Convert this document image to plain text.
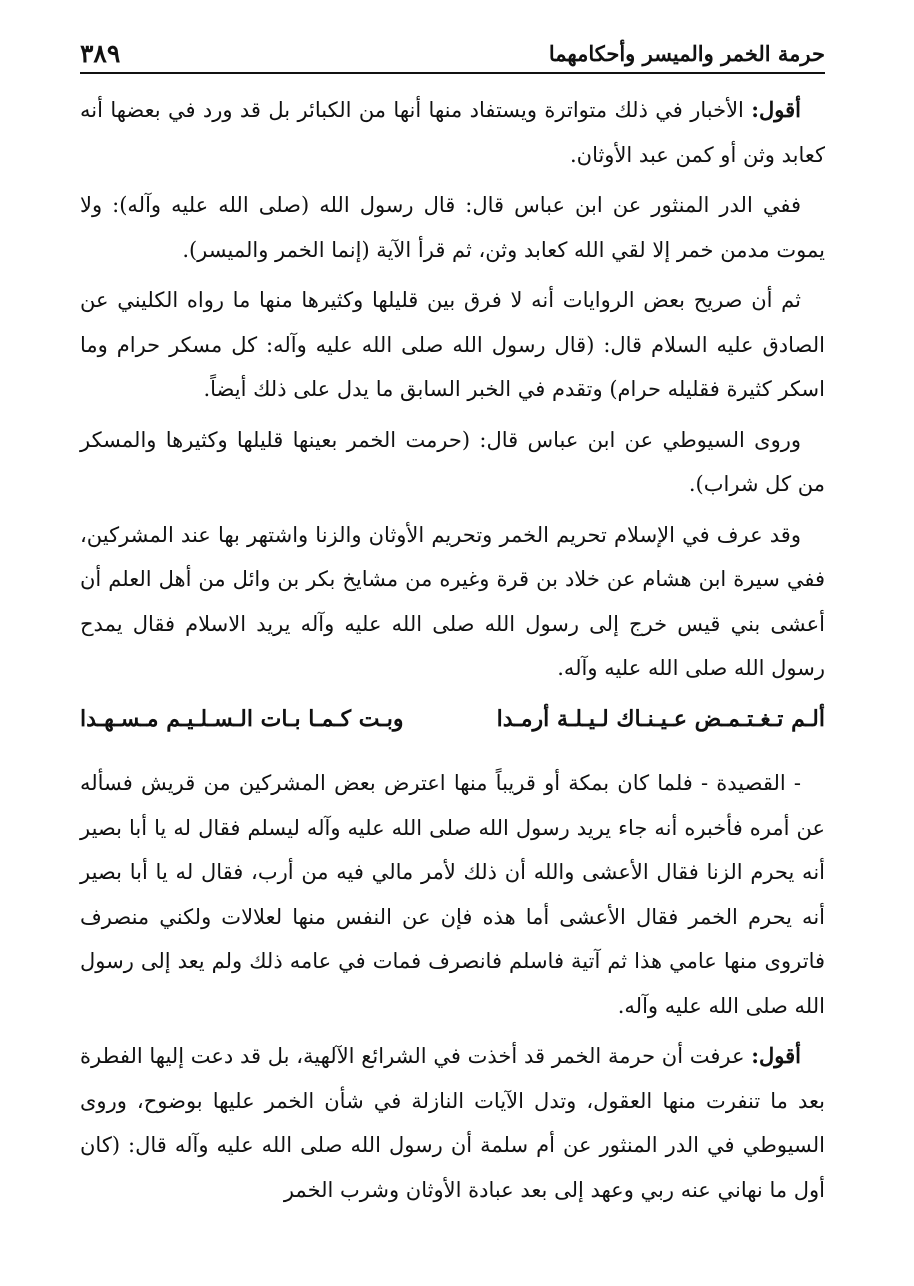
حرمة الخمر والميسر وأحكامهما
٣٨٩

أقول: الأخبار في ذلك متواترة ويستفاد منها أنها من الكبائر بل قد ورد في بعضها أنه كعابد وثن أو كمن عبد الأوثان.

ففي الدر المنثور عن ابن عباس قال: قال رسول الله (صلى الله عليه وآله): ولا يموت مدمن خمر إلا لقي الله كعابد وثن، ثم قرأ الآية (إنما الخمر والميسر).

ثم أن صريح بعض الروايات أنه لا فرق بين قليلها وكثيرها منها ما رواه الكليني عن الصادق عليه السلام قال: (قال رسول الله صلى الله عليه وآله: كل مسكر حرام وما اسكر كثيرة فقليله حرام) وتقدم في الخبر السابق ما يدل على ذلك أيضاً.

وروى السيوطي عن ابن عباس قال: (حرمت الخمر بعينها قليلها وكثيرها والمسكر من كل شراب).

وقد عرف في الإسلام تحريم الخمر وتحريم الأوثان والزنا واشتهر بها عند المشركين، ففي سيرة ابن هشام عن خلاد بن قرة وغيره من مشايخ بكر بن وائل من أهل العلم أن أعشى بني قيس خرج إلى رسول الله صلى الله عليه وآله يريد الاسلام فقال يمدح رسول الله صلى الله عليه وآله.

ألـم تـغـتـمـض عـيـنـاك لـيـلـة أرمـدا
وبـت كـمـا بـات الـسـلـيـم مـسـهـدا

- القصيدة - فلما كان بمكة أو قريباً منها اعترض بعض المشركين من قريش فسأله عن أمره فأخبره أنه جاء يريد رسول الله صلى الله عليه وآله ليسلم فقال له يا أبا بصير أنه يحرم الزنا فقال الأعشى والله أن ذلك لأمر مالي فيه من أرب، فقال له يا أبا بصير أنه يحرم الخمر فقال الأعشى أما هذه فإن عن النفس منها لعلالات ولكني منصرف فاتروى منها عامي هذا ثم آتية فاسلم فانصرف فمات في عامه ذلك ولم يعد إلى رسول الله صلى الله عليه وآله.

أقول: عرفت أن حرمة الخمر قد أخذت في الشرائع الآلهية، بل قد دعت إليها الفطرة بعد ما تنفرت منها العقول، وتدل الآيات النازلة في شأن الخمر عليها بوضوح، وروى السيوطي في الدر المنثور عن أم سلمة أن رسول الله صلى الله عليه وآله قال: (كان أول ما نهاني عنه ربي وعهد إلى بعد عبادة الأوثان وشرب الخمر
